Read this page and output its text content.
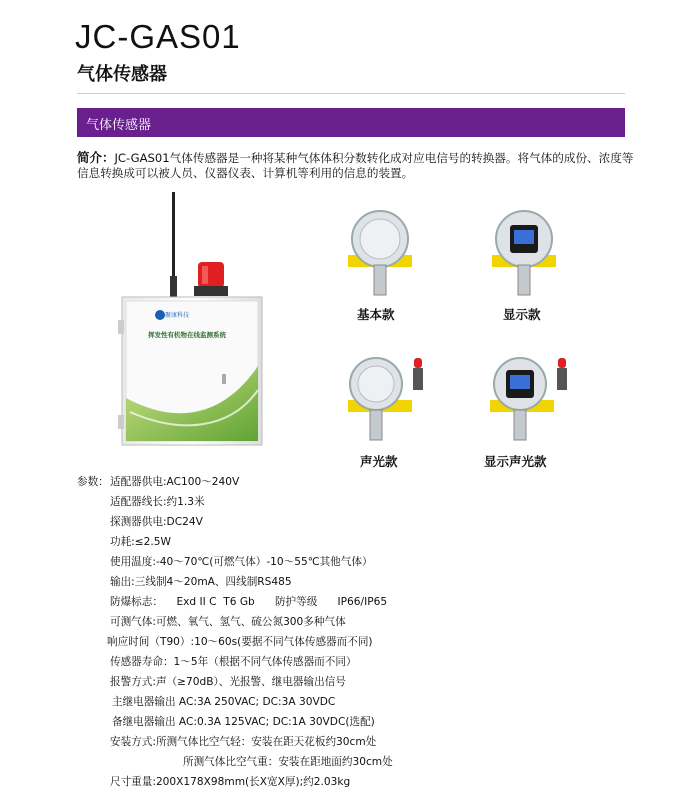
JC-GAS01
气体传感器
气体传感器
简介：JC-GAS01气体传感器是一种将某种气体体积分数转化成对应电信号的转换器。将气体的成份、浓度等
信息转换成可以被人员、仪器仪表、计算机等利用的信息的装置。
聚康科技
挥发性有机物在线监测系统
基本款	显示款
声光款	显示声光款
参数： 适配器供电:AC100～240V
适配器线长:约1.3米
探测器供电:DC24V
功耗:≤2.5W
使用温度:-40～70℃(可燃气体）-10～55℃其他气体）
输出:三线制4～20mA、四线制RS485
防爆标志：    Exd II C  T6 Gb      防护等级      IP66/IP65
可测气体:可燃、氧气、氢气、硫公氮300多种气体
响应时间（T90）:10～60s(要据不同气体传感器而不同)
传感器寿命：1～5年（根据不同气体传感器而不同）
报警方式:声（≥70dB）、光报警、继电器输出信号
主继电器输出 AC:3A 250VAC; DC:3A 30VDC
备继电器输出 AC:0.3A 125VAC; DC:1A 30VDC(选配)
安装方式:所测气体比空气轻：安装在距天花板约30cm处
所测气体比空气重：安装在距地面约30cm处
尺寸重量:200X178X98mm(长X宽X厚);约2.03kg
